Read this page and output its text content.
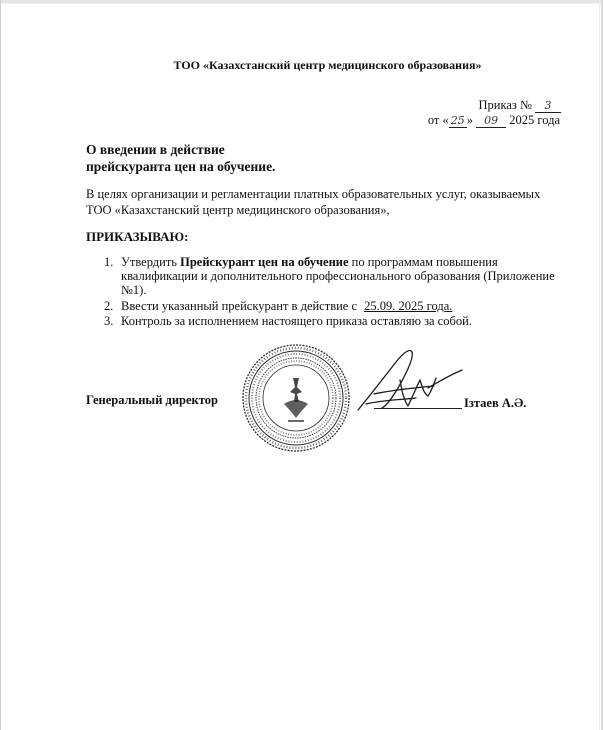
ТОО «Казахстанский центр медицинского образования»
Приказ № 3
от « 25 » 09 2025 года
О введении в действие
прейскуранта цен на обучение.
В целях организации и регламентации платных образовательных услуг, оказываемых ТОО «Казахстанский центр медицинского образования»,
ПРИКАЗЫВАЮ:
1. Утвердить Прейскурант цен на обучение по программам повышения квалификации и дополнительного профессионального образования (Приложение №1).
2. Ввести указанный прейскурант в действие с 25.09. 2025 года.
3. Контроль за исполнением настоящего приказа оставляю за собой.
Генеральный директор	Ізтаев А.Ә.
